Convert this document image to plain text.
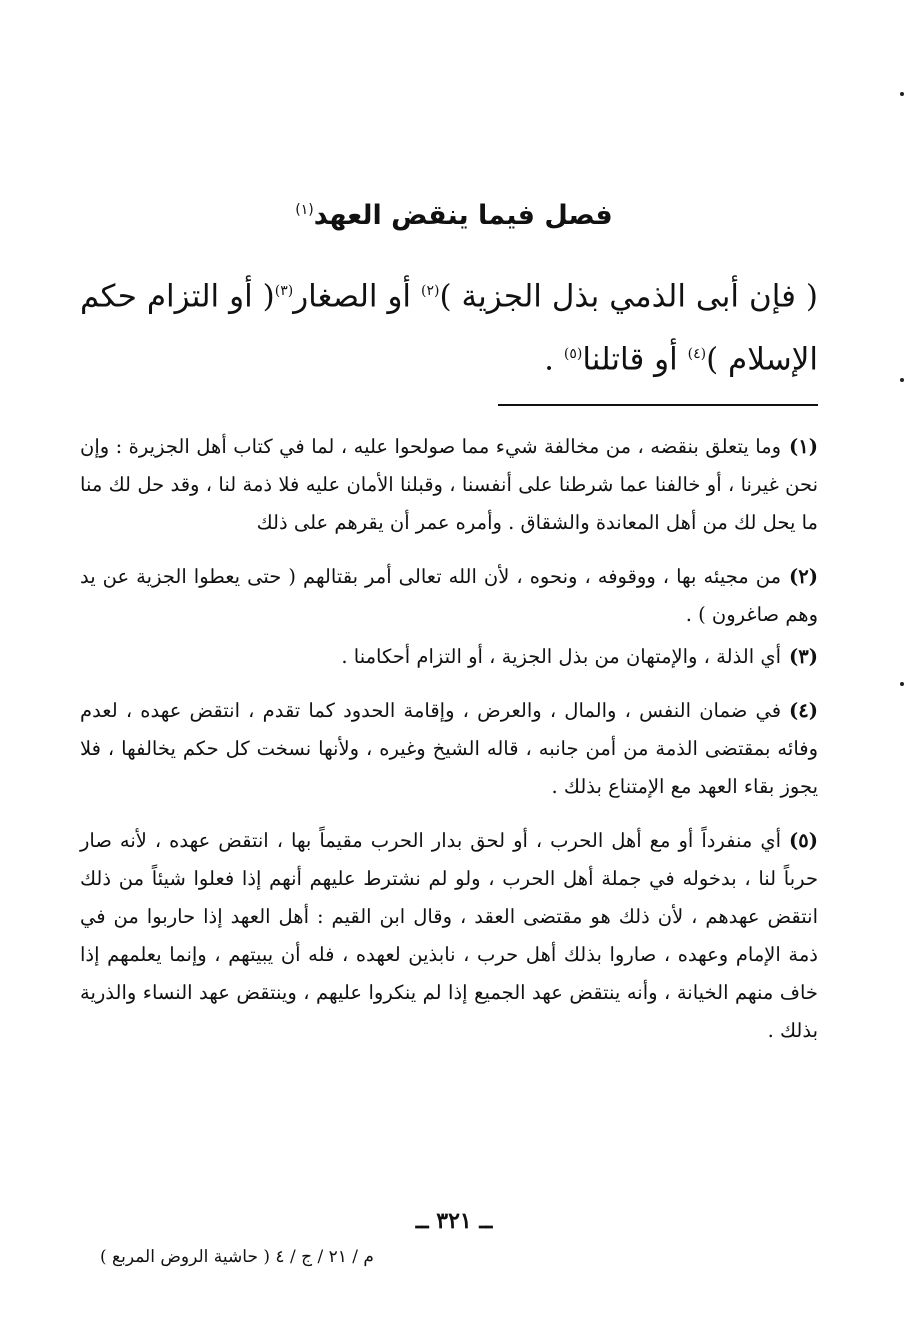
فصل فيما ينقض العهد$^{(١)}$
( فإن أبى الذمي بذل الجزية )$^{(٢)}$ أو الصغار$^{(٣)}$( أو التزام حكم الإسلام )$^{(٤)}$ أو قاتلنا$^{(٥)}$ .

(١)وما يتعلق بنقضه ، من مخالفة شيء مما صولحوا عليه ، لما في كتاب أهل الجزيرة : وإن نحن غيرنا ، أو خالفنا عما شرطنا على أنفسنا ، وقبلنا الأمان عليه فلا ذمة لنا ، وقد حل لك منا ما يحل لك من أهل المعاندة والشقاق . وأمره عمر أن يقرهم على ذلك

(٢)من مجيئه بها ، ووقوفه ، ونحوه ، لأن الله تعالى أمر بقتالهم ( حتى يعطوا الجزية عن يد وهم صاغرون ) .

(٣)أي الذلة ، والإمتهان من بذل الجزية ، أو التزام أحكامنا .

(٤)في ضمان النفس ، والمال ، والعرض ، وإقامة الحدود كما تقدم ، انتقض عهده ، لعدم وفائه بمقتضى الذمة من أمن جانبه ، قاله الشيخ وغيره ، ولأنها نسخت كل حكم يخالفها ، فلا يجوز بقاء العهد مع الإمتناع بذلك .

(٥)أي منفرداً أو مع أهل الحرب ، أو لحق بدار الحرب مقيماً بها ، انتقض عهده ، لأنه صار حرباً لنا ، بدخوله في جملة أهل الحرب ، ولو لم نشترط عليهم أنهم إذا فعلوا شيئاً من ذلك انتقض عهدهم ، لأن ذلك هو مقتضى العقد ، وقال ابن القيم : أهل العهد إذا حاربوا من في ذمة الإمام وعهده ، صاروا بذلك أهل حرب ، نابذين لعهده ، فله أن يبيتهم ، وإنما يعلمهم إذا خاف منهم الخيانة ، وأنه ينتقض عهد الجميع إذا لم ينكروا عليهم ، وينتقض عهد النساء والذرية بذلك .

ــ ٣٢١ ــ
م / ٢١ / ج / ٤ ( حاشية الروض المربع )
